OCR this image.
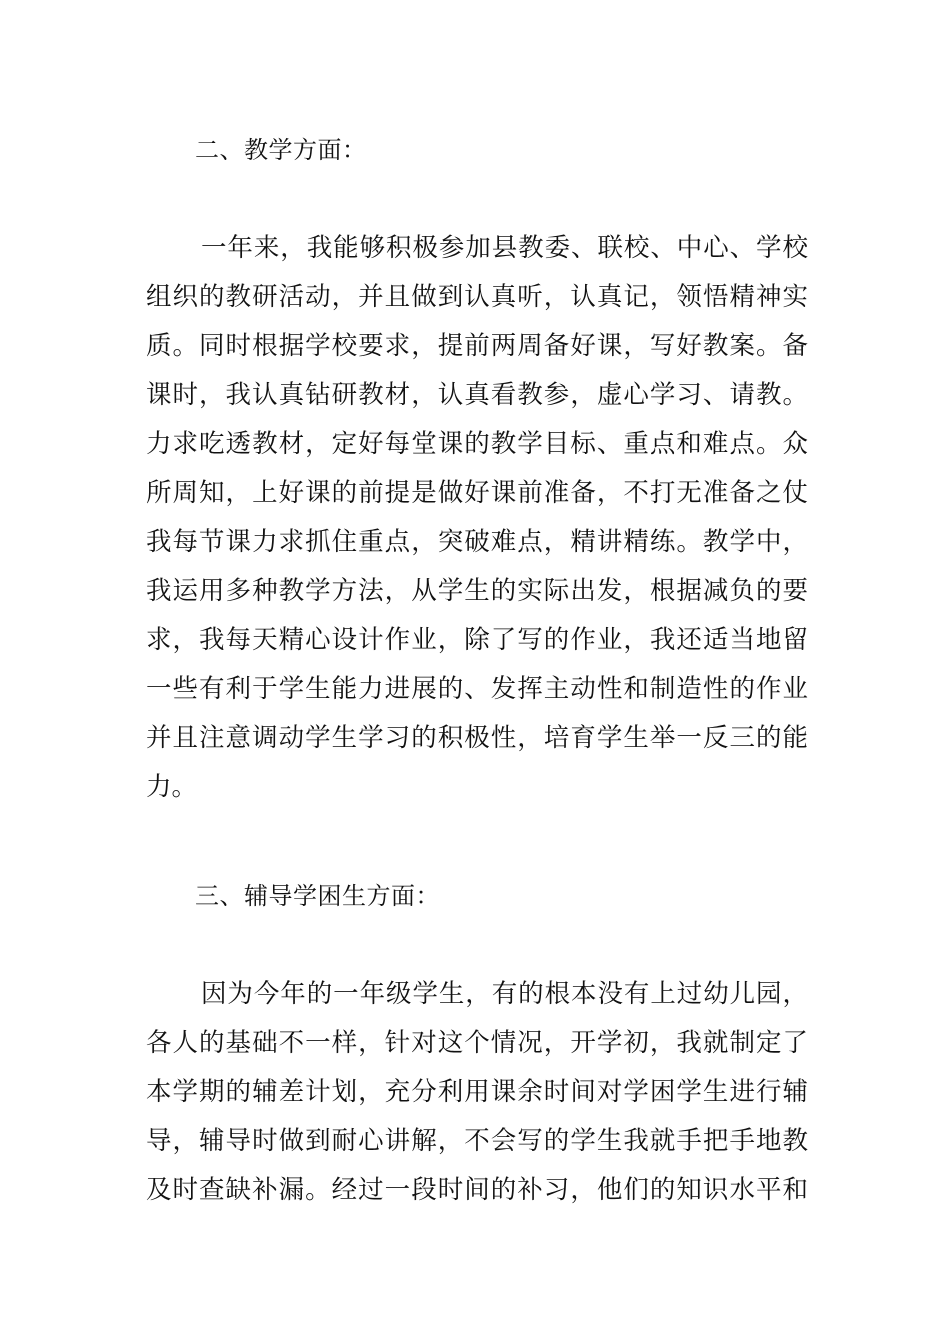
二、教学方面：
一年来，我能够积极参加县教委、联校、中心、学校
组织的教研活动，并且做到认真听，认真记，领悟精神实
质。同时根据学校要求，提前两周备好课，写好教案。备
课时，我认真钻研教材，认真看教参，虚心学习、请教。
力求吃透教材，定好每堂课的教学目标、重点和难点。众
所周知，上好课的前提是做好课前准备，不打无准备之仗
我每节课力求抓住重点，突破难点，精讲精练。教学中，
我运用多种教学方法，从学生的实际出发，根据减负的要
求，我每天精心设计作业，除了写的作业，我还适当地留
一些有利于学生能力进展的、发挥主动性和制造性的作业
并且注意调动学生学习的积极性，培育学生举一反三的能
力。
三、辅导学困生方面：
因为今年的一年级学生，有的根本没有上过幼儿园，
各人的基础不一样，针对这个情况，开学初，我就制定了
本学期的辅差计划，充分利用课余时间对学困学生进行辅
导，辅导时做到耐心讲解，不会写的学生我就手把手地教
及时查缺补漏。经过一段时间的补习，他们的知识水平和
